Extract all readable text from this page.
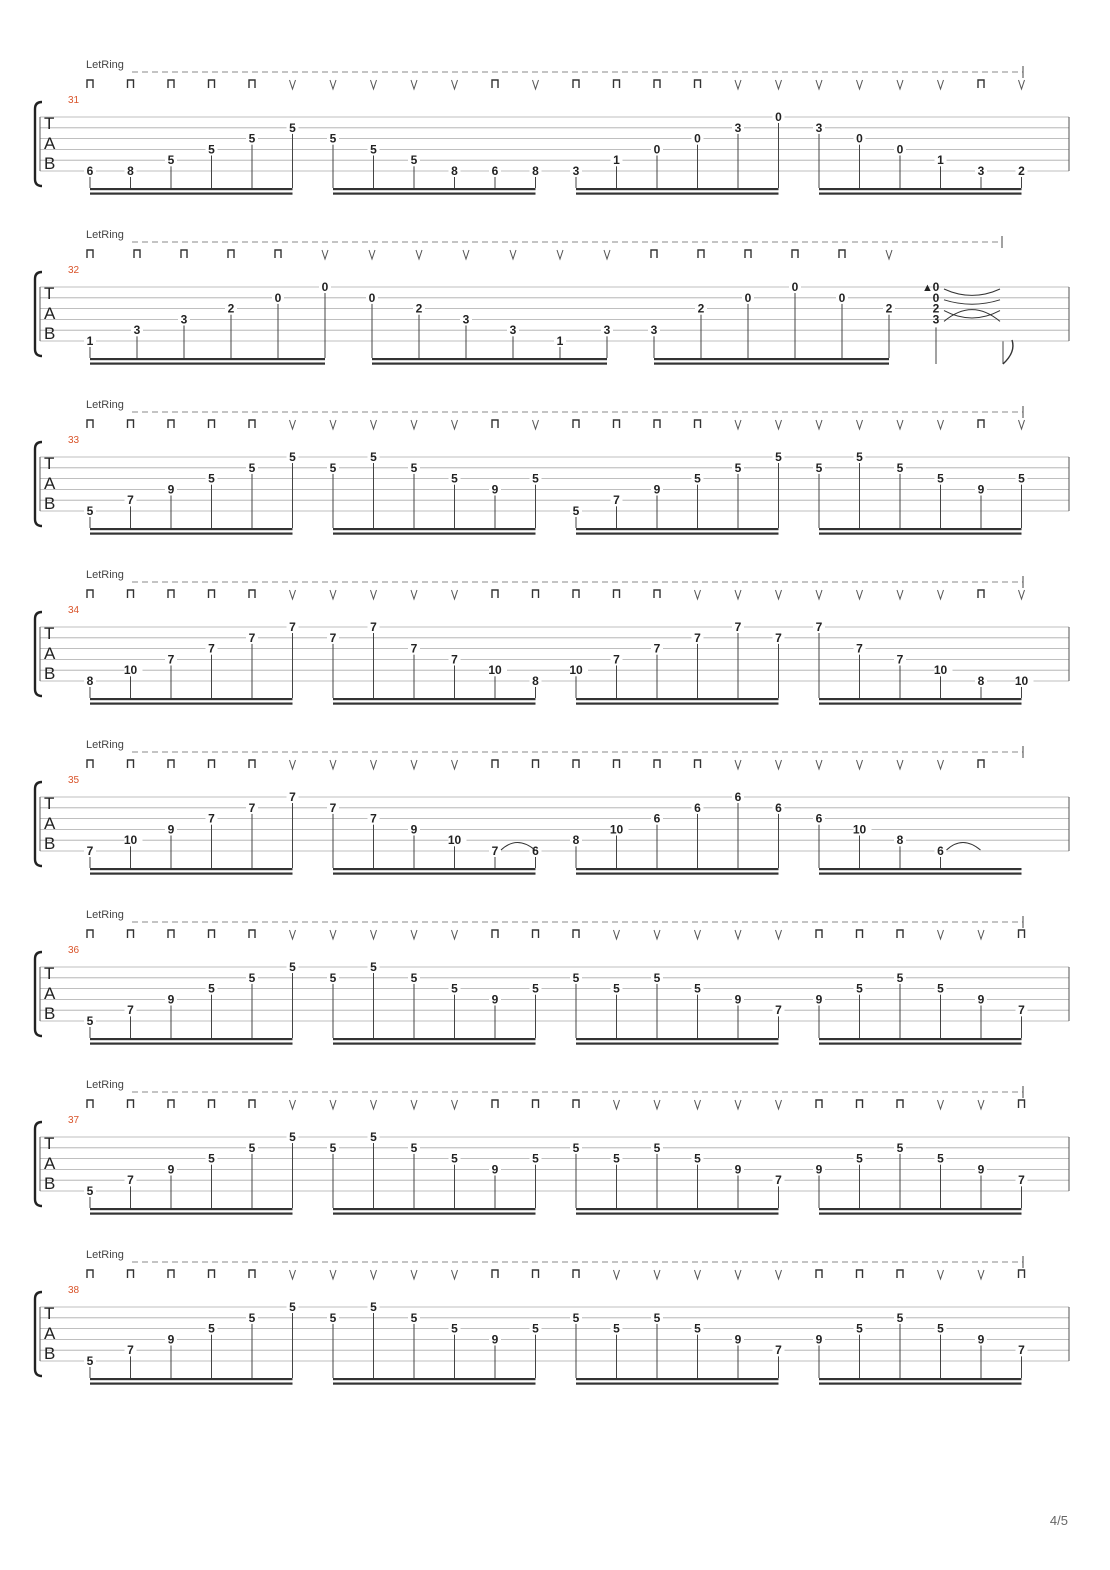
LetRing
31
T
A
B	6	8
5
5
5
5
5
5
5
8	6	8	3
1
0
0
3
0
3
0
0
1
3	2
LetRing
32
T
A
B	1
3
3
2
0
0
0
2
3
3
1
3	3
2
0
0
0
2
▲ 0
0
2
3
LetRing
33
T
A
B	5
7
9
5
5
5
5
5
5
5
9
5
5
7
9
5
5
5
5
5
5
5
9
5
LetRing
34
T
A
B	8
10
7
7
7
7
7
7
7
7
10
8
10
7
7
7
7
7
7
7
7
10
8	10
LetRing
35
T
A
B	7
10
9
7
7
7
7
7
9
10
7	6
8
10
6
6
6
6
6
10
8
6
LetRing
36
T
A
B	5
7
9
5
5
5
5
5
5
5
9
5
5
5
5
5
9
7
9
5
5
5
9
7
LetRing
37
T
A
B	5
7
9
5
5
5
5
5
5
5
9
5
5
5
5
5
9
7
9
5
5
5
9
7
LetRing
38
T
A
B	5
7
9
5
5
5
5
5
5
5
9
5
5
5
5
5
9
7
9
5
5
5
9
7
4/5
